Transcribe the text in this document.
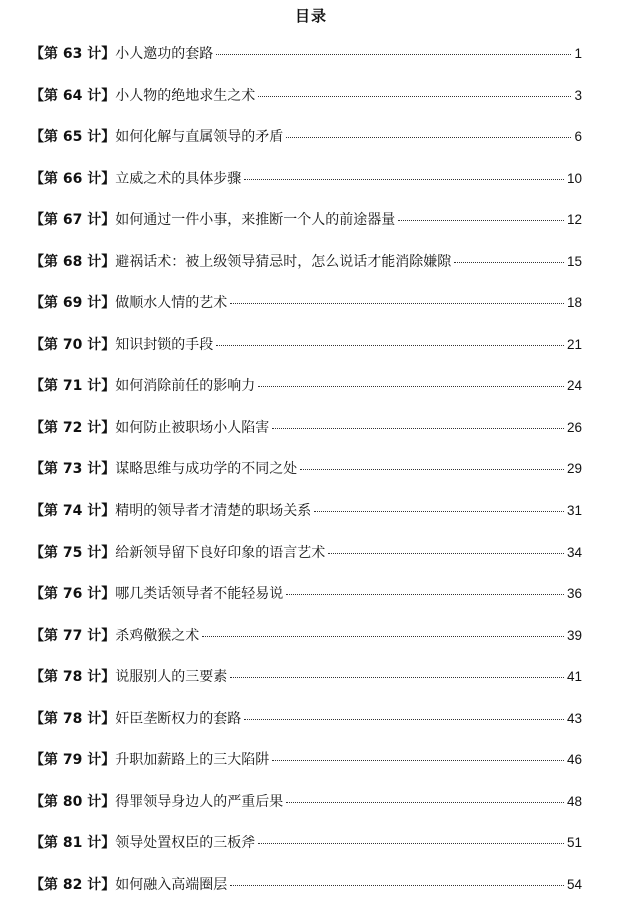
目录
【第 63 计】 小人邀功的套路	1
【第 64 计】 小人物的绝地求生之术	3
【第 65 计】 如何化解与直属领导的矛盾	6
【第 66 计】 立威之术的具体步骤	10
【第 67 计】 如何通过一件小事，来推断一个人的前途器量	12
【第 68 计】 避祸话术：被上级领导猜忌时，怎么说话才能消除嫌隙	15
【第 69 计】 做顺水人情的艺术	18
【第 70 计】 知识封锁的手段	21
【第 71 计】 如何消除前任的影响力	24
【第 72 计】 如何防止被职场小人陷害	26
【第 73 计】 谋略思维与成功学的不同之处	29
【第 74 计】 精明的领导者才清楚的职场关系	31
【第 75 计】 给新领导留下良好印象的语言艺术	34
【第 76 计】 哪几类话领导者不能轻易说	36
【第 77 计】 杀鸡儆猴之术	39
【第 78 计】 说服别人的三要素	41
【第 78 计】 奸臣垄断权力的套路	43
【第 79 计】 升职加薪路上的三大陷阱	46
【第 80 计】 得罪领导身边人的严重后果	48
【第 81 计】 领导处置权臣的三板斧	51
【第 82 计】 如何融入高端圈层	54
